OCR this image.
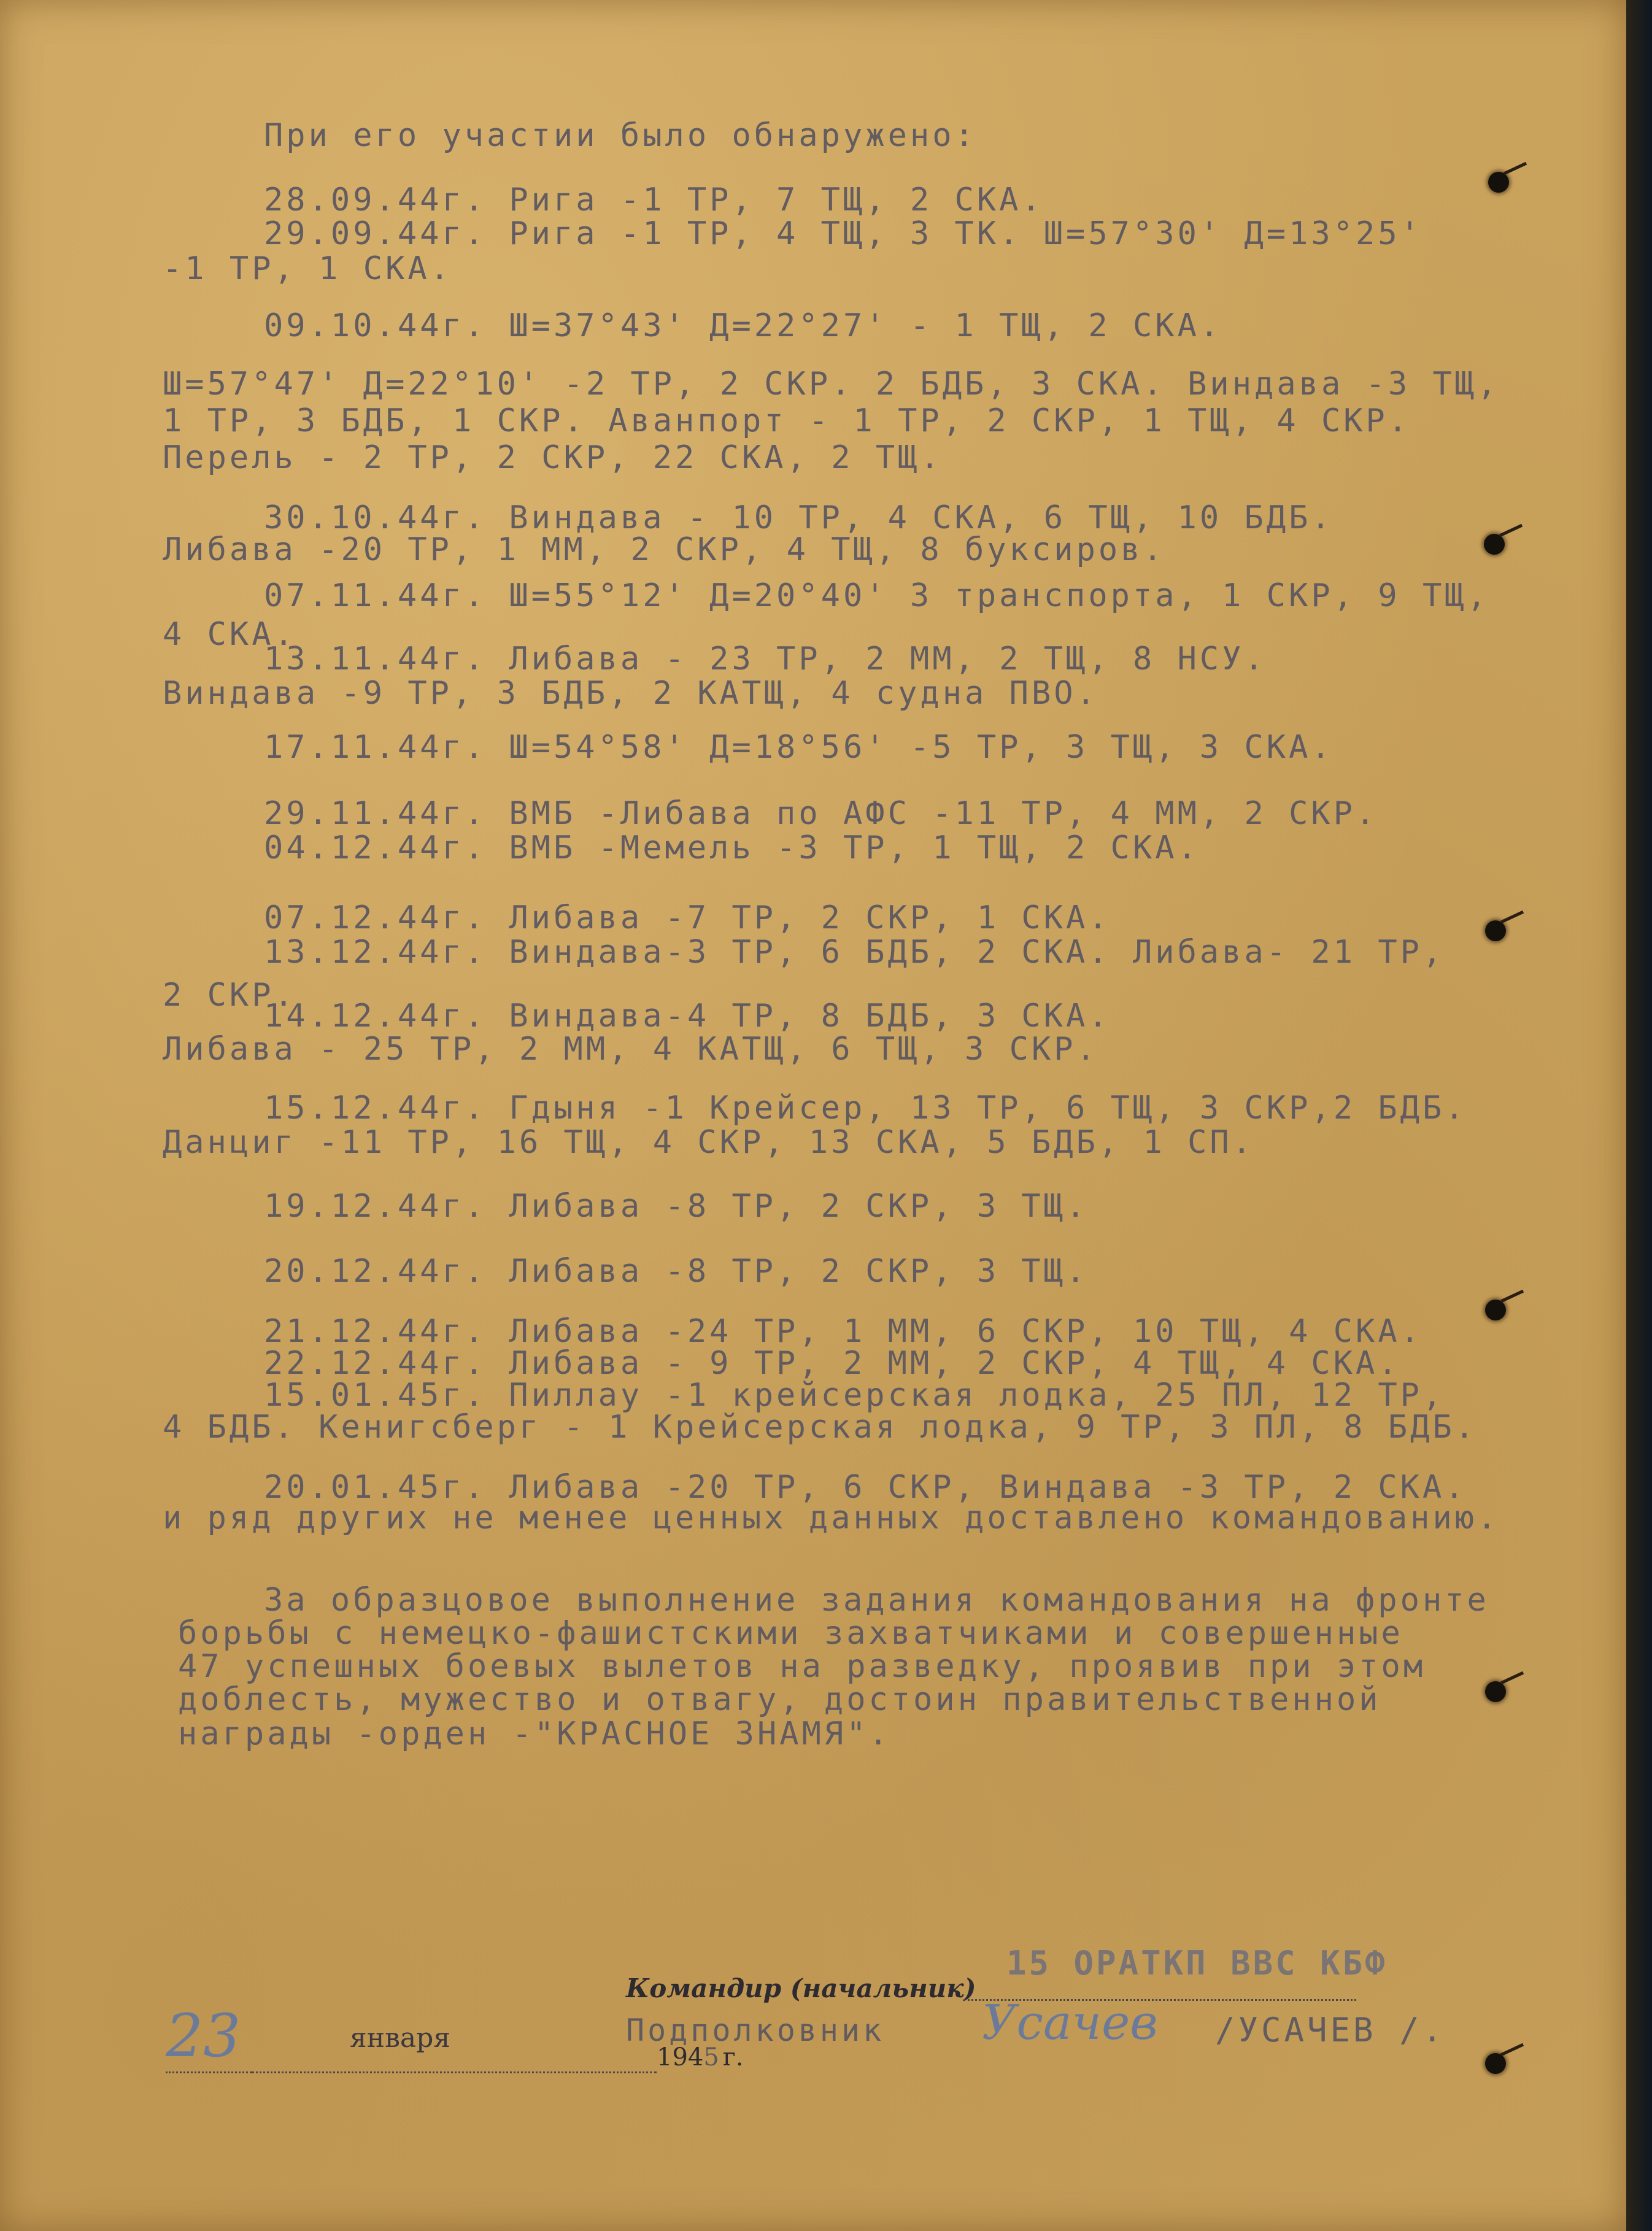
При его участии было обнаружено:
28.09.44г. Рига -1 ТР, 7 ТЩ, 2 СКА.
29.09.44г. Рига -1 ТР, 4 ТЩ, 3 ТК. Ш=57°30' Д=13°25'
-1 ТР, 1 СКА.
09.10.44г. Ш=37°43' Д=22°27' - 1 ТЩ, 2 СКА.
Ш=57°47' Д=22°10' -2 ТР, 2 СКР. 2 БДБ, 3 СКА. Виндава -3 ТЩ,
1 ТР, 3 БДБ, 1 СКР. Аванпорт - 1 ТР, 2 СКР, 1 ТЩ, 4 СКР.
Перель - 2 ТР, 2 СКР, 22 СКА, 2 ТЩ.
30.10.44г. Виндава - 10 ТР, 4 СКА, 6 ТЩ, 10 БДБ.
Либава -20 ТР, 1 ММ, 2 СКР, 4 ТЩ, 8 буксиров.
07.11.44г. Ш=55°12' Д=20°40' 3 транспорта, 1 СКР, 9 ТЩ,
4 СКА.
13.11.44г. Либава - 23 ТР, 2 ММ, 2 ТЩ, 8 НСУ.
Виндава -9 ТР, 3 БДБ, 2 КАТЩ, 4 судна ПВО.
17.11.44г. Ш=54°58' Д=18°56' -5 ТР, 3 ТЩ, 3 СКА.
29.11.44г. ВМБ -Либава по АФС -11 ТР, 4 ММ, 2 СКР.
04.12.44г. ВМБ -Мемель -3 ТР, 1 ТЩ, 2 СКА.
07.12.44г. Либава -7 ТР, 2 СКР, 1 СКА.
13.12.44г. Виндава-3 ТР, 6 БДБ, 2 СКА. Либава- 21 ТР,
2 СКР.
14.12.44г. Виндава-4 ТР, 8 БДБ, 3 СКА.
Либава - 25 ТР, 2 ММ, 4 КАТЩ, 6 ТЩ, 3 СКР.
15.12.44г. Гдыня -1 Крейсер, 13 ТР, 6 ТЩ, 3 СКР,2 БДБ.
Данциг -11 ТР, 16 ТЩ, 4 СКР, 13 СКА, 5 БДБ, 1 СП.
19.12.44г. Либава -8 ТР, 2 СКР, 3 ТЩ.
20.12.44г. Либава -8 ТР, 2 СКР, 3 ТЩ.
21.12.44г. Либава -24 ТР, 1 ММ, 6 СКР, 10 ТЩ, 4 СКА.
22.12.44г. Либава - 9 ТР, 2 ММ, 2 СКР, 4 ТЩ, 4 СКА.
15.01.45г. Пиллау -1 крейсерская лодка, 25 ПЛ, 12 ТР,
4 БДБ. Кенигсберг - 1 Крейсерская лодка, 9 ТР, 3 ПЛ, 8 БДБ.
20.01.45г. Либава -20 ТР, 6 СКР, Виндава -3 ТР, 2 СКА.
и ряд других не менее ценных данных доставлено командованию.
За образцовое выполнение задания командования на фронте
борьбы с немецко-фашистскими захватчиками и совершенные
47 успешных боевых вылетов на разведку, проявив при этом
доблесть, мужество и отвагу, достоин правительственной
награды -орден -"КРАСНОЕ ЗНАМЯ".
15 ОРАТКП ВВС КБФ
Командир (начальник)
23	января	Подполковник Усачев /УСАЧЕВ /.
1945 г.
